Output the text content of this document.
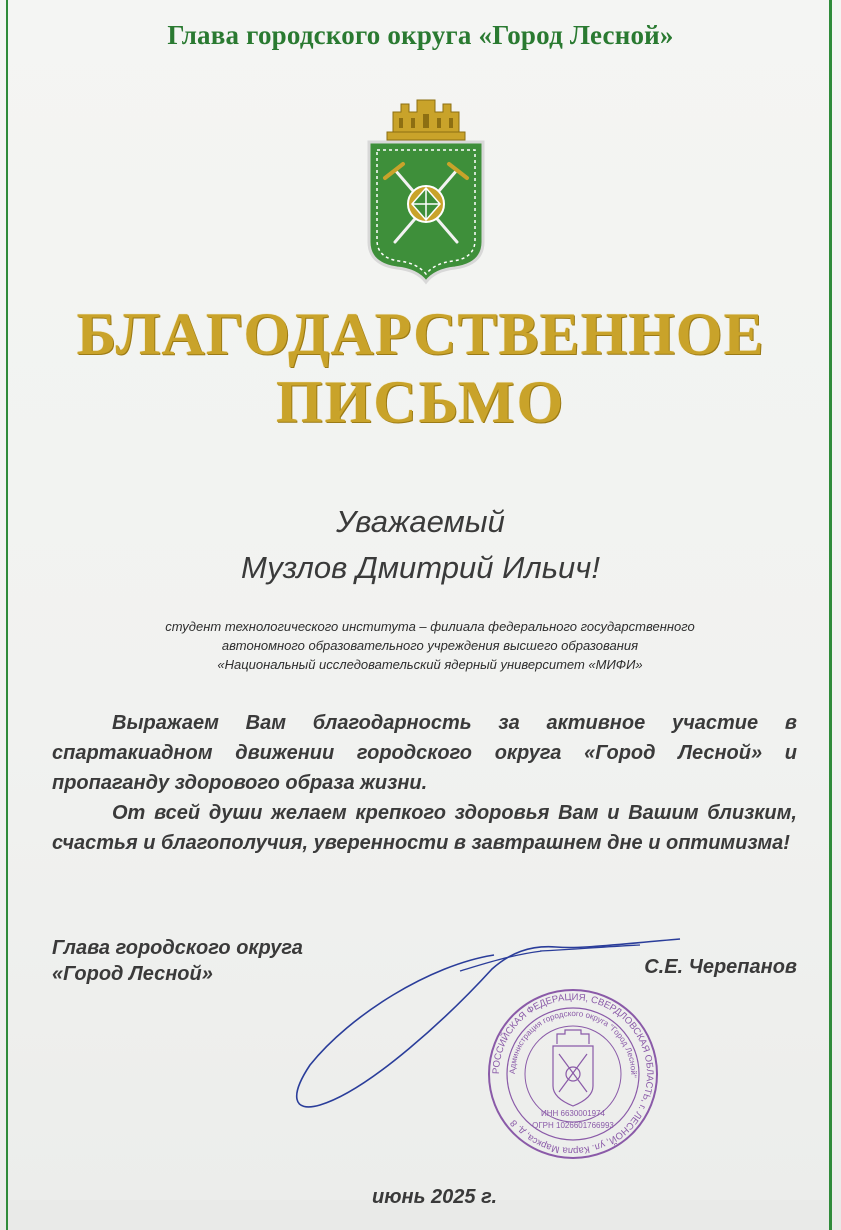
Глава городского округа «Город Лесной»
БЛАГОДАРСТВЕННОЕ
ПИСЬМО
Уважаемый
Музлов Дмитрий Ильич!
студент технологического института – филиала федерального государственного
автономного образовательного учреждения высшего образования
«Национальный исследовательский ядерный университет «МИФИ»

Выражаем Вам благодарность за активное участие в спартакиадном движении городского округа «Город Лесной» и пропаганду здорового образа жизни.

От всей души желаем крепкого здоровья Вам и Вашим близким, счастья и благополучия, уверенности в завтрашнем дне и оптимизма!

Глава городского округа
«Город Лесной»	С.Е. Черепанов
РОССИЙСКАЯ ФЕДЕРАЦИЯ, СВЕРДЛОВСКАЯ ОБЛАСТЬ, г. ЛЕСНОЙ, ул. Карла Маркса, д. 8
Администрация городского округа "Город Лесной"
ИНН 6630001974
ОГРН 1026601766993
июнь 2025 г.
